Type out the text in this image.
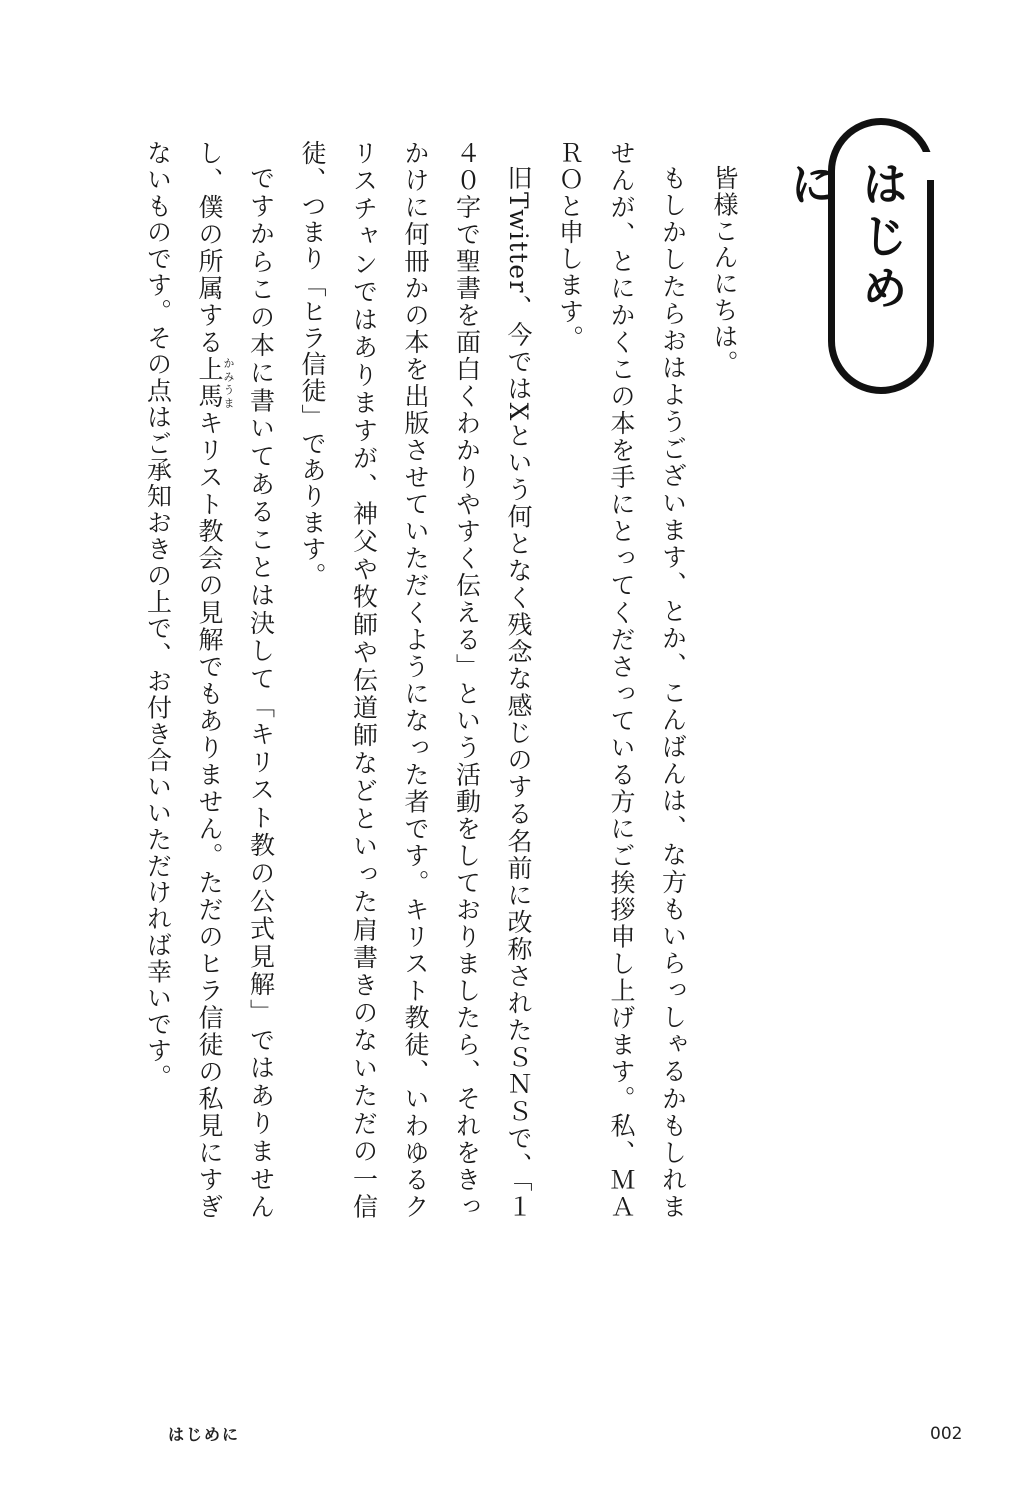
はじめに

皆様こんにちは。

もしかしたらおはようございます、とか、こんばんは、な方もいらっしゃるかもしれませんが、とにかくこの本を手にとってくださっている方にご挨拶申し上げます。私、ＭＡＲＯと申します。

旧Twitter、今ではXという何となく残念な感じのする名前に改称されたＳＮＳで、「１４０字で聖書を面白くわかりやすく伝える」という活動をしておりましたら、それをきっかけに何冊かの本を出版させていただくようになった者です。キリスト教徒、いわゆるクリスチャンではありますが、神父や牧師や伝道師などといった肩書きのないただの一信徒、つまり「ヒラ信徒」であります。

ですからこの本に書いてあることは決して「キリスト教の公式見解」ではありませんし、僕の所属する上馬かみうまキリスト教会の見解でもありません。ただのヒラ信徒の私見にすぎないものです。その点はご承知おきの上で、お付き合いいただければ幸いです。

はじめに	002
